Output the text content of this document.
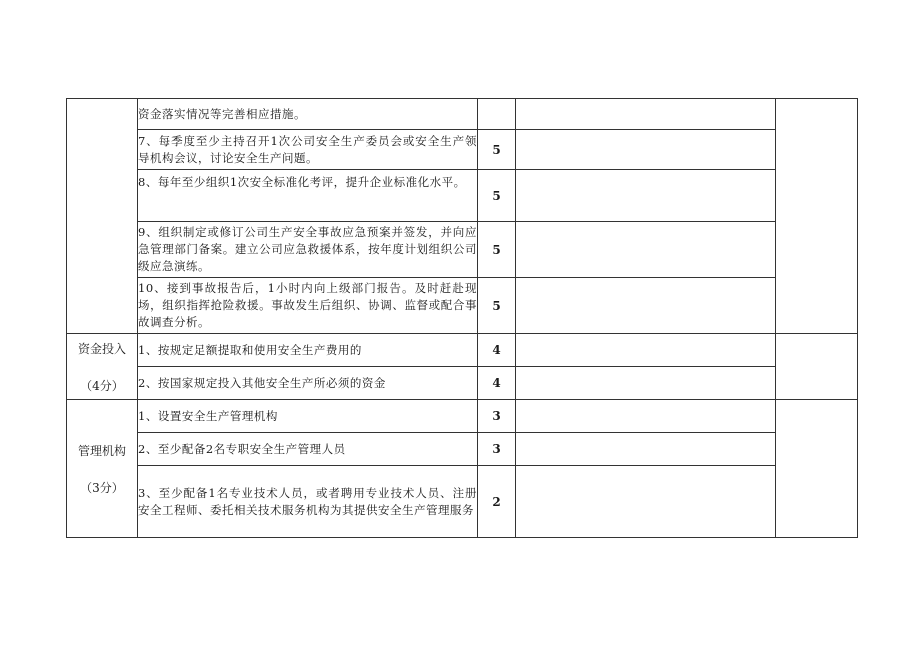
	资金落实情况等完善相应措施。			
	7、每季度至少主持召开1次公司安全生产委员会或安全生产领导机构会议，讨论安全生产问题。	5		
	8、每年至少组织1次安全标准化考评，提升企业标准化水平。	5		
	9、组织制定或修订公司生产安全事故应急预案并签发，并向应急管理部门备案。建立公司应急救援体系，按年度计划组织公司级应急演练。	5		
	10、接到事故报告后，1小时内向上级部门报告。及时赶赴现场，组织指挥抢险救援。事故发生后组织、协调、监督或配合事故调查分析。	5		

资金投入
（4分）	1、按规定足额提取和使用安全生产费用的	4		
	2、按国家规定投入其他安全生产所必须的资金	4		

管理机构
（3分）	1、设置安全生产管理机构	3		
	2、至少配备2名专职安全生产管理人员	3		
	3、至少配备1名专业技术人员，或者聘用专业技术人员、注册安全工程师、委托相关技术服务机构为其提供安全生产管理服务	2		
